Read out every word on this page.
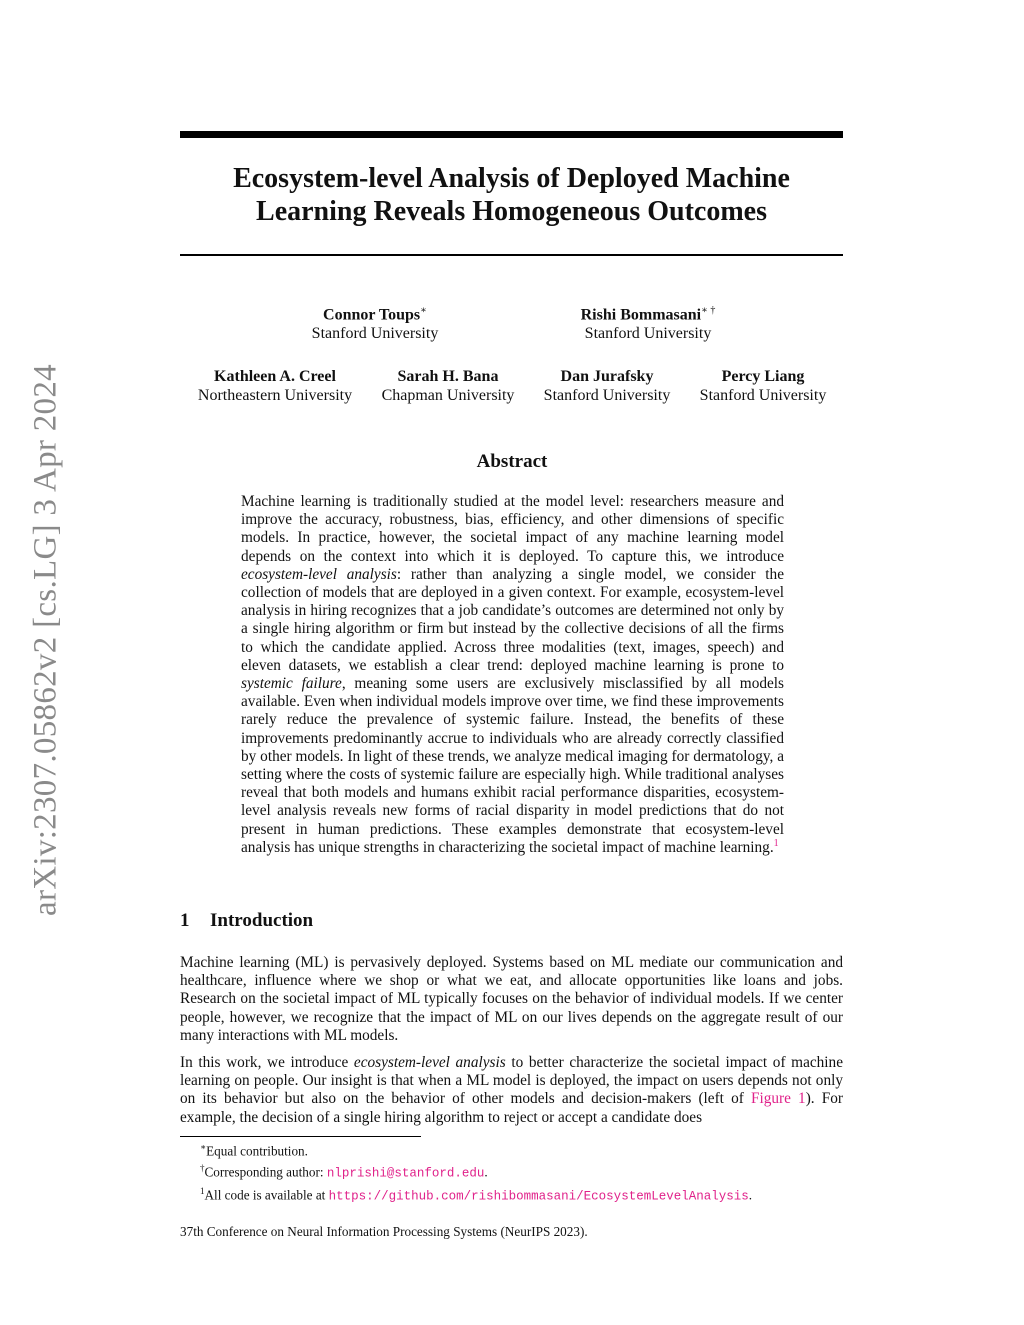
arXiv:2307.05862v2 [cs.LG] 3 Apr 2024
Ecosystem-level Analysis of Deployed Machine
Learning Reveals Homogeneous Outcomes
Connor Toups∗
Stanford University
Rishi Bommasani∗ †
Stanford University
Kathleen A. Creel
Northeastern University
Sarah H. Bana
Chapman University
Dan Jurafsky
Stanford University
Percy Liang
Stanford University
Abstract
Machine learning is traditionally studied at the model level: researchers measure and improve the accuracy, robustness, bias, efficiency, and other dimensions of specific models. In practice, however, the societal impact of any machine learning model depends on the context into which it is deployed. To capture this, we introduce ecosystem-level analysis: rather than analyzing a single model, we consider the collection of models that are deployed in a given context. For example, ecosystem-level analysis in hiring recognizes that a job candidate’s outcomes are determined not only by a single hiring algorithm or firm but instead by the collective decisions of all the firms to which the candidate applied. Across three modalities (text, images, speech) and eleven datasets, we establish a clear trend: deployed machine learning is prone to systemic failure, meaning some users are exclusively misclassified by all models available. Even when individual models improve over time, we find these improvements rarely reduce the prevalence of systemic failure. Instead, the benefits of these improvements predominantly accrue to individuals who are already correctly classified by other models. In light of these trends, we analyze medical imaging for dermatology, a setting where the costs of systemic failure are especially high. While traditional analyses reveal that both models and humans exhibit racial performance disparities, ecosystem-level analysis reveals new forms of racial disparity in model predictions that do not present in human predictions. These examples demonstrate that ecosystem-level analysis has unique strengths in characterizing the societal impact of machine learning.$^1$
1 Introduction

Machine learning (ML) is pervasively deployed. Systems based on ML mediate our communication and healthcare, influence where we shop or what we eat, and allocate opportunities like loans and jobs. Research on the societal impact of ML typically focuses on the behavior of individual models. If we center people, however, we recognize that the impact of ML on our lives depends on the aggregate result of our many interactions with ML models.

In this work, we introduce ecosystem-level analysis to better characterize the societal impact of machine learning on people. Our insight is that when a ML model is deployed, the impact on users depends not only on its behavior but also on the behavior of other models and decision-makers (left of Figure 1). For example, the decision of a single hiring algorithm to reject or accept a candidate does

∗Equal contribution.
†Corresponding author: nlprishi@stanford.edu.
$^1$All code is available at https://github.com/rishibommasani/EcosystemLevelAnalysis.
37th Conference on Neural Information Processing Systems (NeurIPS 2023).
